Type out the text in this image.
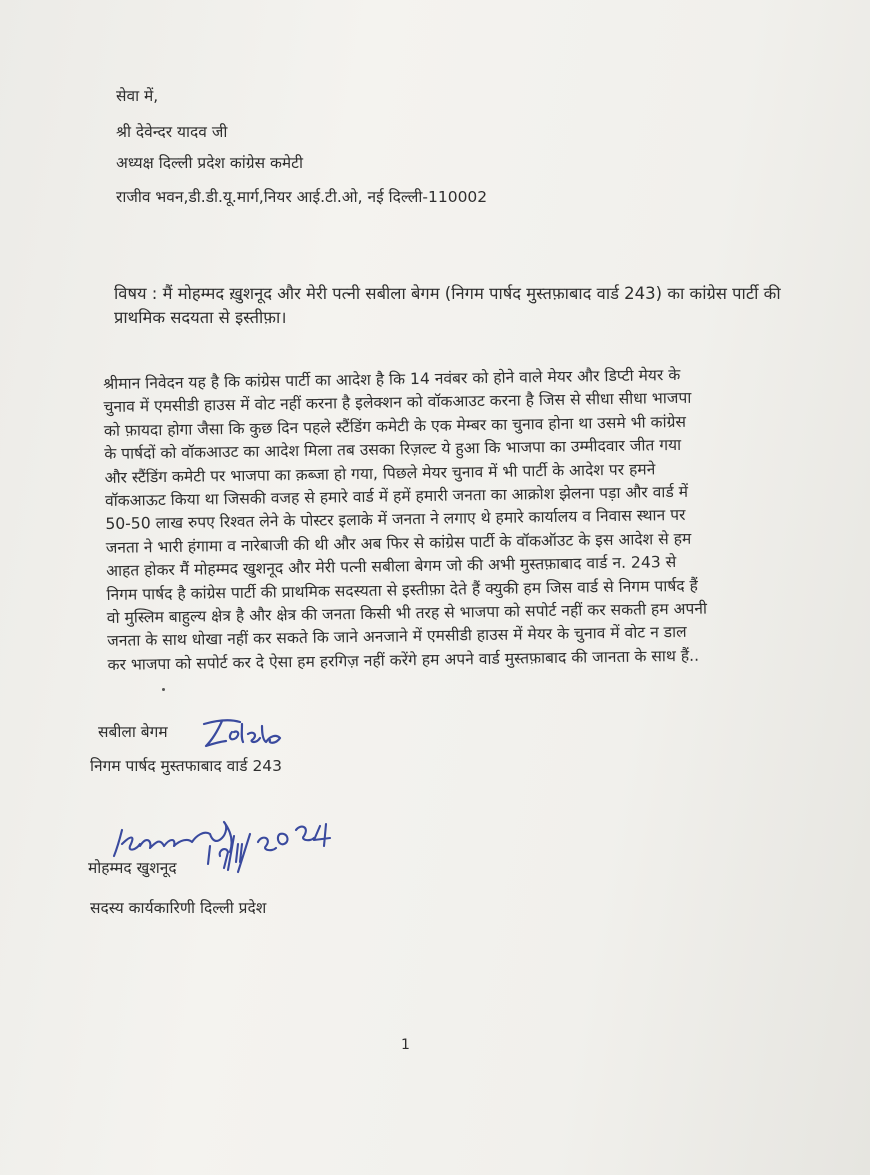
सेवा में,
श्री देवेन्दर यादव जी
अध्यक्ष दिल्ली प्रदेश कांग्रेस कमेटी
राजीव भवन,डी.डी.यू.मार्ग,नियर आई.टी.ओ, नई दिल्ली-110002
विषय : मैं मोहम्मद ख़ुशनूद और मेरी पत्नी सबीला बेगम (निगम पार्षद मुस्तफ़ाबाद वार्ड 243) का कांग्रेस पार्टी की प्राथमिक सदयता से इस्तीफ़ा।
श्रीमान निवेदन यह है कि कांग्रेस पार्टी का आदेश है कि 14 नवंबर को होने वाले मेयर और डिप्टी मेयर के
चुनाव में एमसीडी हाउस में वोट नहीं करना है इलेक्शन को वॉकआउट करना है जिस से सीधा सीधा भाजपा
को फ़ायदा होगा जैसा कि कुछ दिन पहले स्टैंडिंग कमेटी के एक मेम्बर का चुनाव होना था उसमे भी कांग्रेस
के पार्षदों को वॉकआउट का आदेश मिला तब उसका रिज़ल्ट ये हुआ कि भाजपा का उम्मीदवार जीत गया
और स्टैंडिंग कमेटी पर भाजपा का क़ब्जा हो गया, पिछले मेयर चुनाव में भी पार्टी के आदेश पर हमने
वॉकआऊट किया था जिसकी वजह से हमारे वार्ड में हमें हमारी जनता का आक्रोश झेलना पड़ा और वार्ड में
50-50 लाख रुपए रिश्वत लेने के पोस्टर इलाके में जनता ने लगाए थे हमारे कार्यालय व निवास स्थान पर
जनता ने भारी हंगामा व नारेबाजी की थी और अब फिर से कांग्रेस पार्टी के वॉकऑउट के इस आदेश से हम
आहत होकर मैं मोहम्मद खुशनूद और मेरी पत्नी सबीला बेगम जो की अभी मुस्तफ़ाबाद वार्ड न. 243 से
निगम पार्षद है कांग्रेस पार्टी की प्राथमिक सदस्यता से इस्तीफ़ा देते हैं क्युकी हम जिस वार्ड से निगम पार्षद हैं
वो मुस्लिम बाहुल्य क्षेत्र है और क्षेत्र की जनता किसी भी तरह से भाजपा को सपोर्ट नहीं कर सकती हम अपनी
जनता के साथ धोखा नहीं कर सकते कि जाने अनजाने में एमसीडी हाउस में मेयर के चुनाव में वोट न डाल
कर भाजपा को सपोर्ट कर दे ऐसा हम हरगिज़ नहीं करेंगे हम अपने वार्ड मुस्तफ़ाबाद की जानता के साथ हैं..
सबीला बेगम
निगम पार्षद मुस्तफाबाद वार्ड 243
मोहम्मद खुशनूद
सदस्य कार्यकारिणी दिल्ली प्रदेश
1
